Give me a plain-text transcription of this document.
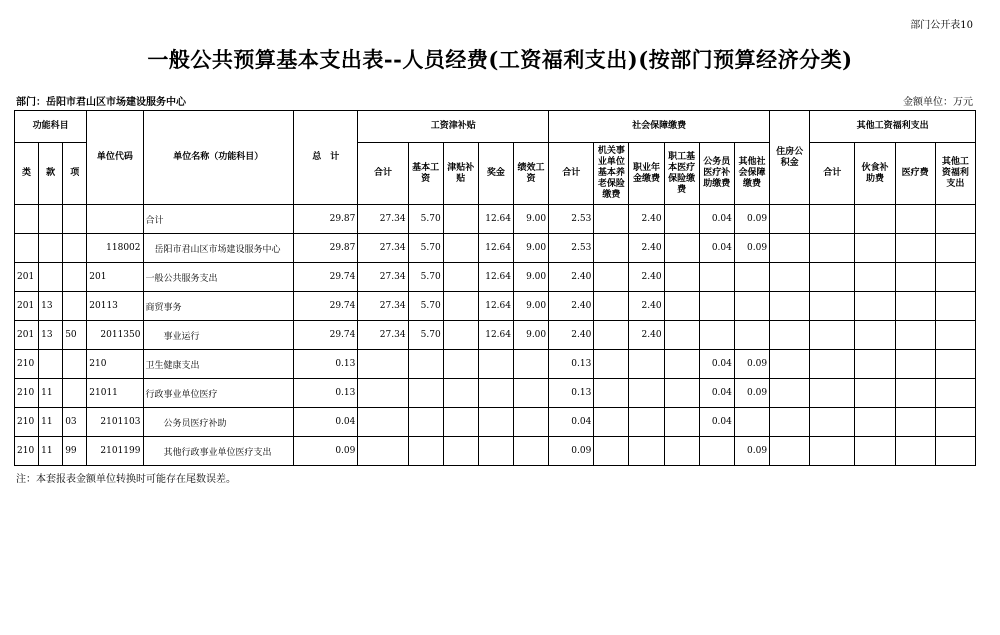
部门公开表10
一般公共预算基本支出表--人员经费(工资福利支出)(按部门预算经济分类)
部门：岳阳市君山区市场建设服务中心	金额单位：万元
功能科目			单位代码	单位名称（功能科目）	总　计	工资津补贴					社会保障缴费						住房公积金	其他工资福利支出			
类	款	项				合计	基本工资	津贴补贴	奖金	绩效工资	合计	机关事业单位基本养老保险缴费	职业年金缴费	职工基本医疗保险缴费	公务员医疗补助缴费	其他社会保障缴费		合计	伙食补助费	医疗费	其他工资福利支出
				合计	29.87	27.34	5.70		12.64	9.00	2.53		2.40		0.04	0.09					
			118002	岳阳市君山区市场建设服务中心	29.87	27.34	5.70		12.64	9.00	2.53		2.40		0.04	0.09					
201			201	一般公共服务支出	29.74	27.34	5.70		12.64	9.00	2.40		2.40								
201	13		20113	商贸事务	29.74	27.34	5.70		12.64	9.00	2.40		2.40								
201	13	50	2011350	事业运行	29.74	27.34	5.70		12.64	9.00	2.40		2.40								
210			210	卫生健康支出	0.13						0.13				0.04	0.09					
210	11		21011	行政事业单位医疗	0.13						0.13				0.04	0.09					
210	11	03	2101103	公务员医疗补助	0.04						0.04				0.04						
210	11	99	2101199	其他行政事业单位医疗支出	0.09						0.09					0.09					
注：本套报表金额单位转换时可能存在尾数误差。
